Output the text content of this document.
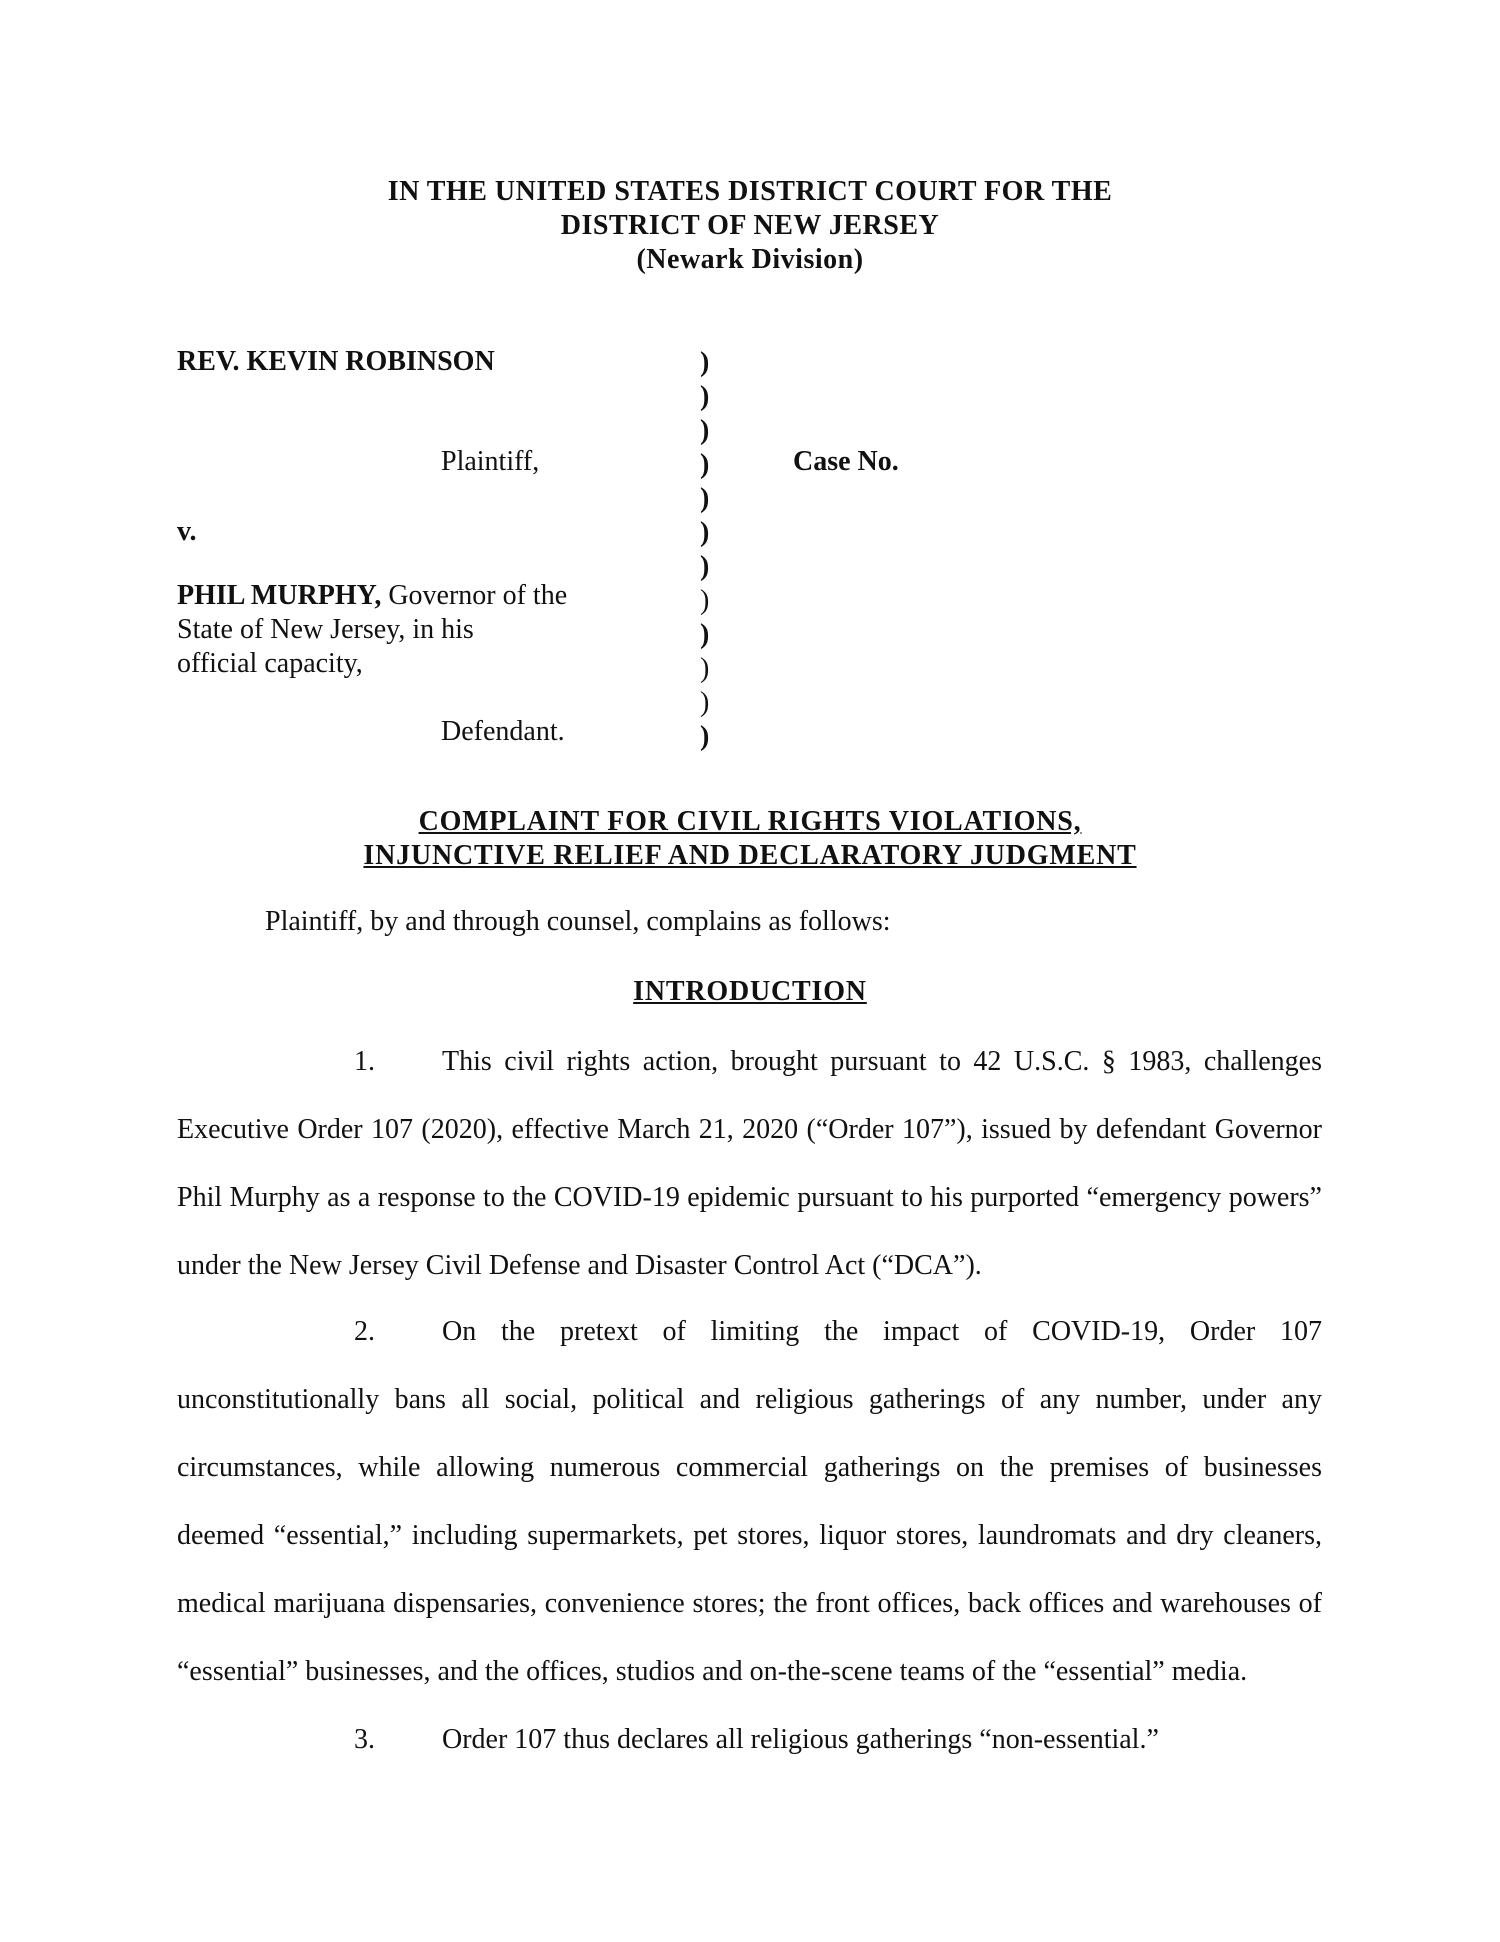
IN THE UNITED STATES DISTRICT COURT FOR THE
DISTRICT OF NEW JERSEY
(Newark Division)
REV. KEVIN ROBINSON
Plaintiff,
v.
PHIL MURPHY, Governor of the
State of New Jersey, in his
official capacity,
Defendant.
)
)
)
)
)
)
)
)
)
)
)
)
Case No.
COMPLAINT FOR CIVIL RIGHTS VIOLATIONS,
INJUNCTIVE RELIEF AND DECLARATORY JUDGMENT
Plaintiff, by and through counsel, complains as follows:
INTRODUCTION

1. This civil rights action, brought pursuant to 42 U.S.C. § 1983, challenges Executive Order 107 (2020), effective March 21, 2020 (“Order 107”), issued by defendant Governor Phil Murphy as a response to the COVID-19 epidemic pursuant to his purported “emergency powers” under the New Jersey Civil Defense and Disaster Control Act (“DCA”).

2. On the pretext of limiting the impact of COVID-19, Order 107 unconstitutionally bans all social, political and religious gatherings of any number, under any circumstances, while allowing numerous commercial gatherings on the premises of businesses deemed “essential,” including supermarkets, pet stores, liquor stores, laundromats and dry cleaners, medical marijuana dispensaries, convenience stores; the front offices, back offices and warehouses of “essential” businesses, and the offices, studios and on-the-scene teams of the “essential” media.

3. Order 107 thus declares all religious gatherings “non-essential.”
